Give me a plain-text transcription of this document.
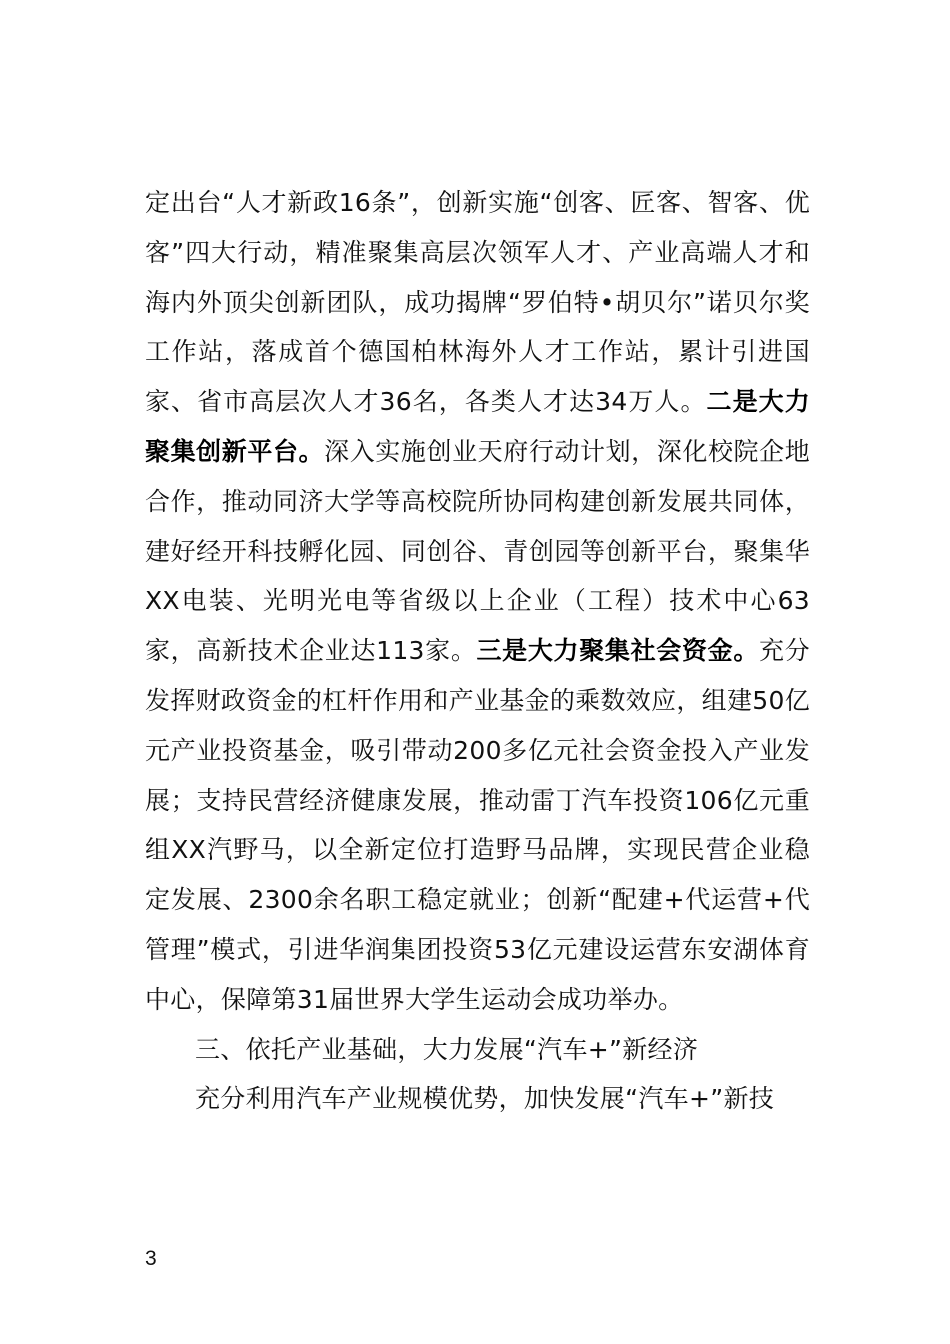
定出台“人才新政16条”，创新实施“创客、匠客、智客、优客”四大行动，精准聚集高层次领军人才、产业高端人才和海内外顶尖创新团队，成功揭牌“罗伯特•胡贝尔”诺贝尔奖工作站，落成首个德国柏林海外人才工作站，累计引进国家、省市高层次人才36名，各类人才达34万人。二是大力聚集创新平台。深入实施创业天府行动计划，深化校院企地合作，推动同济大学等高校院所协同构建创新发展共同体，建好经开科技孵化园、同创谷、青创园等创新平台，聚集华XX电装、光明光电等省级以上企业（工程）技术中心63家，高新技术企业达113家。三是大力聚集社会资金。充分发挥财政资金的杠杆作用和产业基金的乘数效应，组建50亿元产业投资基金，吸引带动200多亿元社会资金投入产业发展；支持民营经济健康发展，推动雷丁汽车投资106亿元重组XX汽野马，以全新定位打造野马品牌，实现民营企业稳定发展、2300余名职工稳定就业；创新“配建+代运营+代管理”模式，引进华润集团投资53亿元建设运营东安湖体育中心，保障第31届世界大学生运动会成功举办。

三、依托产业基础，大力发展“汽车+”新经济

充分利用汽车产业规模优势，加快发展“汽车+”新技

3
